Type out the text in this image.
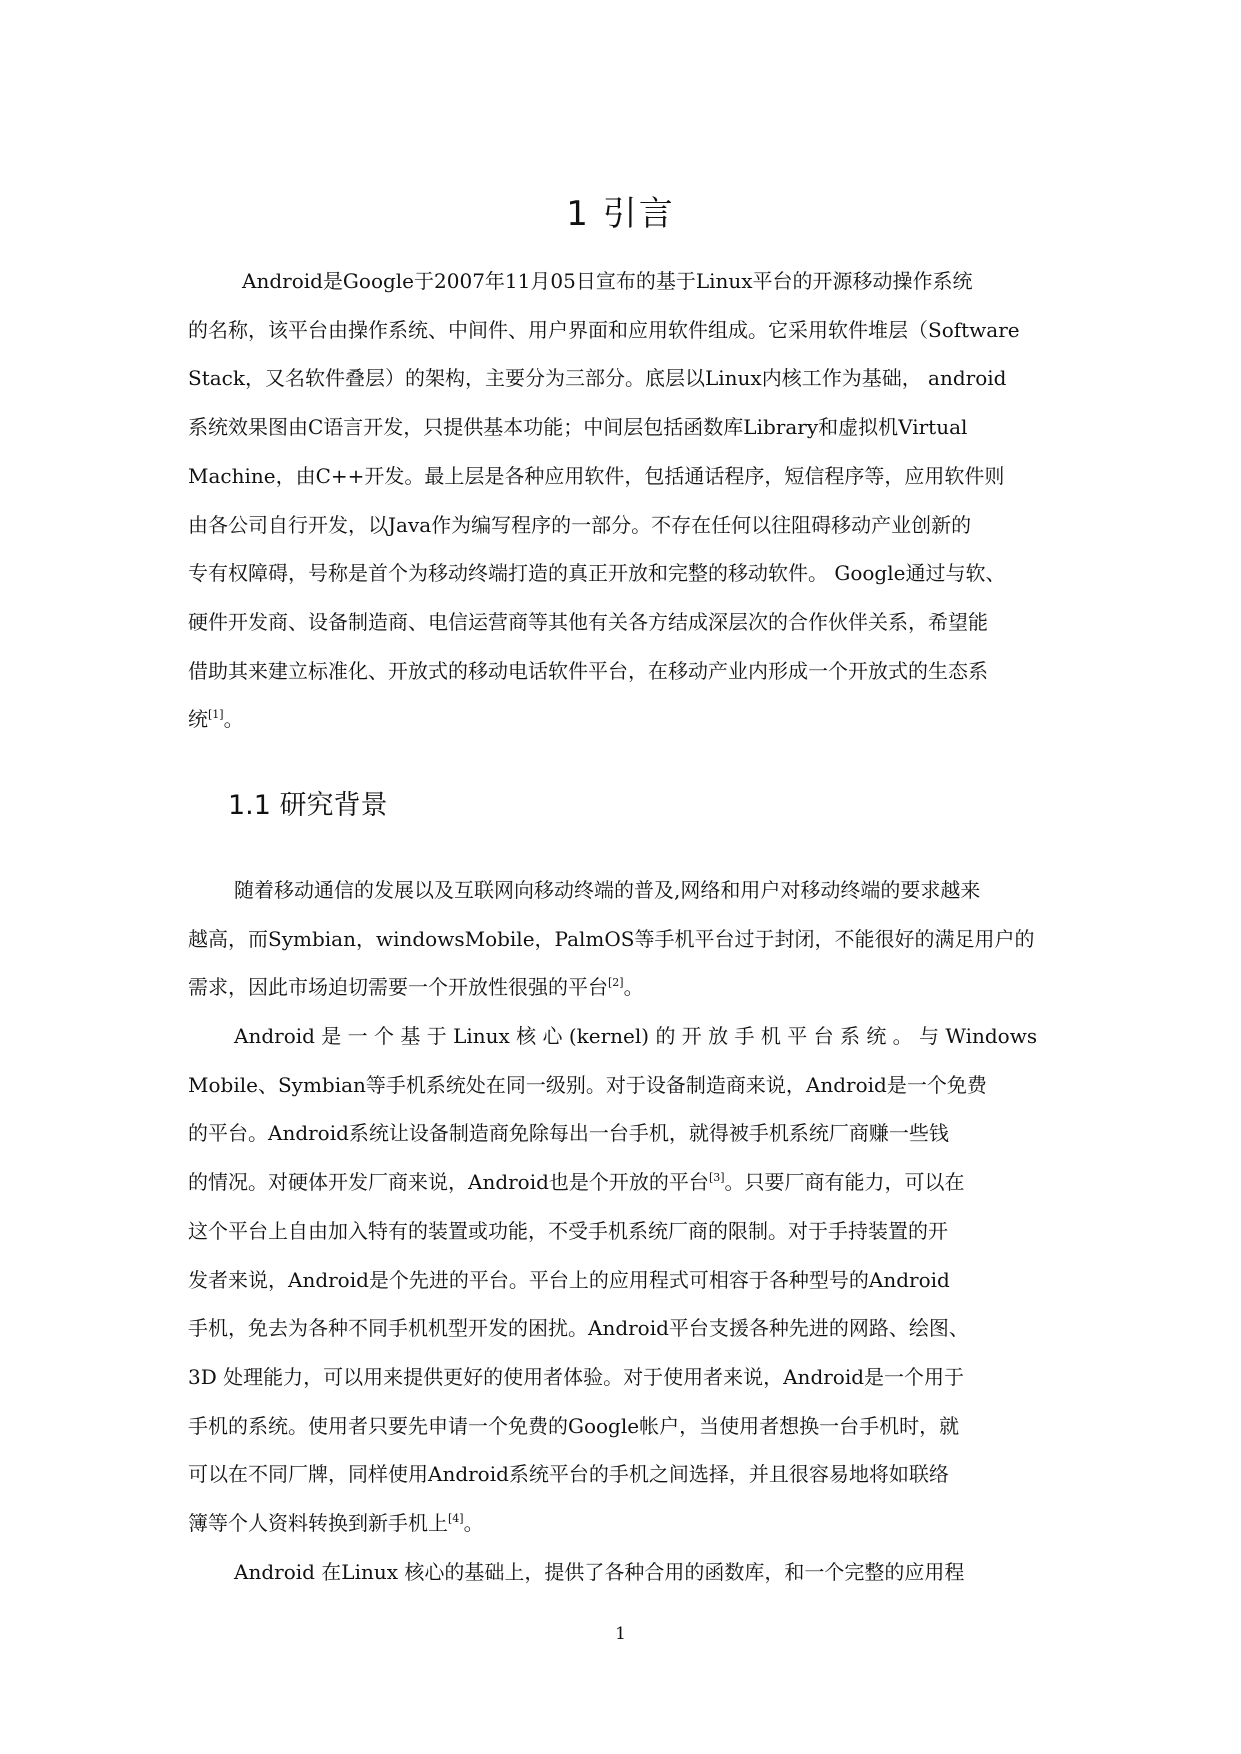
1 引言
Android是Google于2007年11月05日宣布的基于Linux平台的开源移动操作系统
的名称，该平台由操作系统、中间件、用户界面和应用软件组成。它采用软件堆层（Software
Stack，又名软件叠层）的架构，主要分为三部分。底层以Linux内核工作为基础， android
系统效果图由C语言开发，只提供基本功能；中间层包括函数库Library和虚拟机Virtual
Machine，由C++开发。最上层是各种应用软件，包括通话程序，短信程序等，应用软件则
由各公司自行开发，以Java作为编写程序的一部分。不存在任何以往阻碍移动产业创新的
专有权障碍，号称是首个为移动终端打造的真正开放和完整的移动软件。 Google通过与软、
硬件开发商、设备制造商、电信运营商等其他有关各方结成深层次的合作伙伴关系，希望能
借助其来建立标准化、开放式的移动电话软件平台，在移动产业内形成一个开放式的生态系
统[1]。
1.1 研究背景
随着移动通信的发展以及互联网向移动终端的普及,网络和用户对移动终端的要求越来
越高，而Symbian，windowsMobile，PalmOS等手机平台过于封闭，不能很好的满足用户的
需求，因此市场迫切需要一个开放性很强的平台[2]。
Android 是 一 个 基 于 Linux 核 心 (kernel) 的 开 放 手 机 平 台 系 统 。 与 Windows
Mobile、Symbian等手机系统处在同一级别。对于设备制造商来说，Android是一个免费
的平台。Android系统让设备制造商免除每出一台手机，就得被手机系统厂商赚一些钱
的情况。对硬体开发厂商来说，Android也是个开放的平台[3]。只要厂商有能力，可以在
这个平台上自由加入特有的装置或功能，不受手机系统厂商的限制。对于手持装置的开
发者来说，Android是个先进的平台。平台上的应用程式可相容于各种型号的Android
手机，免去为各种不同手机机型开发的困扰。Android平台支援各种先进的网路、绘图、
3D 处理能力，可以用来提供更好的使用者体验。对于使用者来说，Android是一个用于
手机的系统。使用者只要先申请一个免费的Google帐户，当使用者想换一台手机时，就
可以在不同厂牌，同样使用Android系统平台的手机之间选择，并且很容易地将如联络
簿等个人资料转换到新手机上[4]。
Android 在Linux 核心的基础上，提供了各种合用的函数库，和一个完整的应用程
1
